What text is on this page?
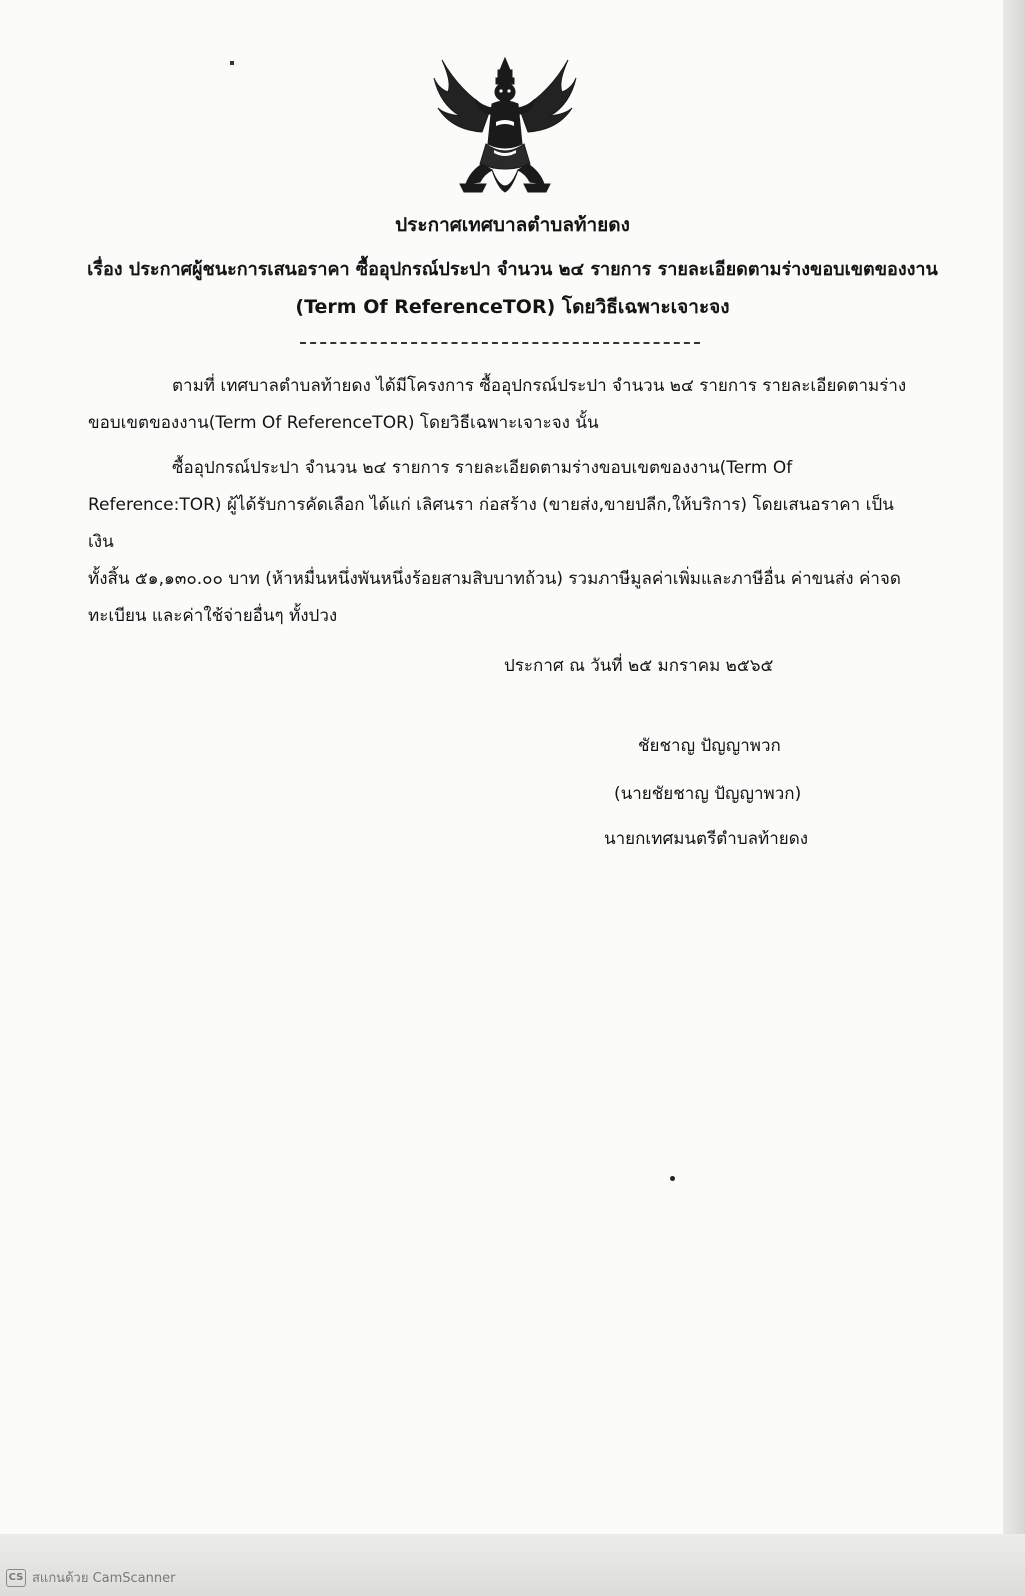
ประกาศเทศบาลตำบลท้ายดง
เรื่อง ประกาศผู้ชนะการเสนอราคา ซื้ออุปกรณ์ประปา จำนวน ๒๔ รายการ รายละเอียดตามร่างขอบเขตของงาน
(Term Of ReferenceTOR) โดยวิธีเฉพาะเจาะจง
ตามที่ เทศบาลตำบลท้ายดง ได้มีโครงการ ซื้ออุปกรณ์ประปา จำนวน ๒๔ รายการ รายละเอียดตามร่าง
ขอบเขตของงาน(Term Of ReferenceTOR) โดยวิธีเฉพาะเจาะจง นั้น
ซื้ออุปกรณ์ประปา จำนวน ๒๔ รายการ รายละเอียดตามร่างขอบเขตของงาน(Term Of
Reference:TOR) ผู้ได้รับการคัดเลือก ได้แก่ เลิศนรา ก่อสร้าง (ขายส่ง,ขายปลีก,ให้บริการ) โดยเสนอราคา เป็นเงิน
ทั้งสิ้น ๕๑,๑๓๐.๐๐ บาท (ห้าหมื่นหนึ่งพันหนึ่งร้อยสามสิบบาทถ้วน) รวมภาษีมูลค่าเพิ่มและภาษีอื่น ค่าขนส่ง ค่าจด
ทะเบียน และค่าใช้จ่ายอื่นๆ ทั้งปวง
ประกาศ ณ วันที่ ๒๕ มกราคม ๒๕๖๕
ชัยชาญ ปัญญาพวก
(นายชัยชาญ ปัญญาพวก)
นายกเทศมนตรีตำบลท้ายดง
CS สแกนด้วย CamScanner
